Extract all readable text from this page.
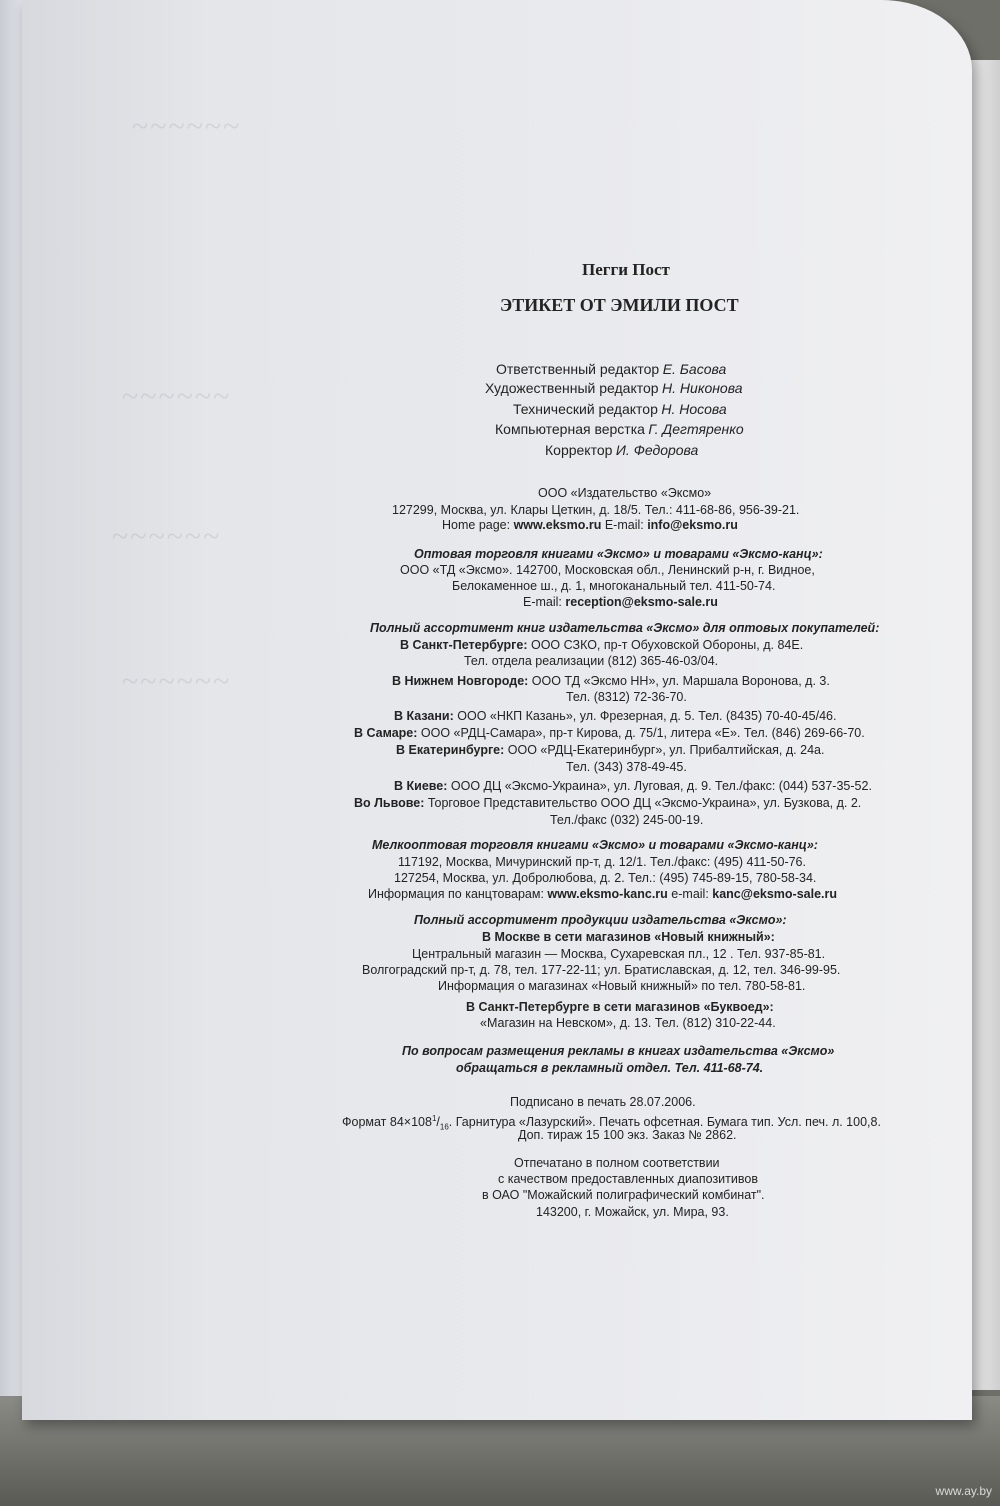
~~~~~~
~~~~~~
~~~~~~
~~~~~~
Пегги Пост
ЭТИКЕТ ОТ ЭМИЛИ ПОСТ
Ответственный редактор Е. Басова
Художественный редактор Н. Никонова
Технический редактор Н. Носова
Компьютерная верстка Г. Дегтяренко
Корректор И. Федорова
ООО «Издательство «Эксмо»
127299, Москва, ул. Клары Цеткин, д. 18/5. Тел.: 411-68-86, 956-39-21.
Home page: www.eksmo.ru E-mail: info@eksmo.ru
Оптовая торговля книгами «Эксмо» и товарами «Эксмо-канц»:
ООО «ТД «Эксмо». 142700, Московская обл., Ленинский р-н, г. Видное,
Белокаменное ш., д. 1, многоканальный тел. 411-50-74.
E-mail: reception@eksmo-sale.ru
Полный ассортимент книг издательства «Эксмо» для оптовых покупателей:
В Санкт-Петербурге: ООО СЗКО, пр-т Обуховской Обороны, д. 84Е.
Тел. отдела реализации (812) 365-46-03/04.
В Нижнем Новгороде: ООО ТД «Эксмо НН», ул. Маршала Воронова, д. 3.
Тел. (8312) 72-36-70.
В Казани: ООО «НКП Казань», ул. Фрезерная, д. 5. Тел. (8435) 70-40-45/46.
В Самаре: ООО «РДЦ-Самара», пр-т Кирова, д. 75/1, литера «Е». Тел. (846) 269-66-70.
В Екатеринбурге: ООО «РДЦ-Екатеринбург», ул. Прибалтийская, д. 24а.
Тел. (343) 378-49-45.
В Киеве: ООО ДЦ «Эксмо-Украина», ул. Луговая, д. 9. Тел./факс: (044) 537-35-52.
Во Львове: Торговое Представительство ООО ДЦ «Эксмо-Украина», ул. Бузкова, д. 2.
Тел./факс (032) 245-00-19.
Мелкооптовая торговля книгами «Эксмо» и товарами «Эксмо-канц»:
117192, Москва, Мичуринский пр-т, д. 12/1. Тел./факс: (495) 411-50-76.
127254, Москва, ул. Добролюбова, д. 2. Тел.: (495) 745-89-15, 780-58-34.
Информация по канцтоварам: www.eksmo-kanc.ru e-mail: kanc@eksmo-sale.ru
Полный ассортимент продукции издательства «Эксмо»:
В Москве в сети магазинов «Новый книжный»:
Центральный магазин — Москва, Сухаревская пл., 12 . Тел. 937-85-81.
Волгоградский пр-т, д. 78, тел. 177-22-11; ул. Братиславская, д. 12, тел. 346-99-95.
Информация о магазинах «Новый книжный» по тел. 780-58-81.
В Санкт-Петербурге в сети магазинов «Буквоед»:
«Магазин на Невском», д. 13. Тел. (812) 310-22-44.
По вопросам размещения рекламы в книгах издательства «Эксмо»
обращаться в рекламный отдел. Тел. 411-68-74.
Подписано в печать 28.07.2006.
Формат $84\times 108^1/_{16}$. Гарнитура «Лазурский». Печать офсетная. Бумага тип. Усл. печ. л. 100,8.
Доп. тираж 15 100 экз. Заказ № 2862.
Отпечатано в полном соответствии
с качеством предоставленных диапозитивов
в ОАО "Можайский полиграфический комбинат".
143200, г. Можайск, ул. Мира, 93.
www.ay.by
